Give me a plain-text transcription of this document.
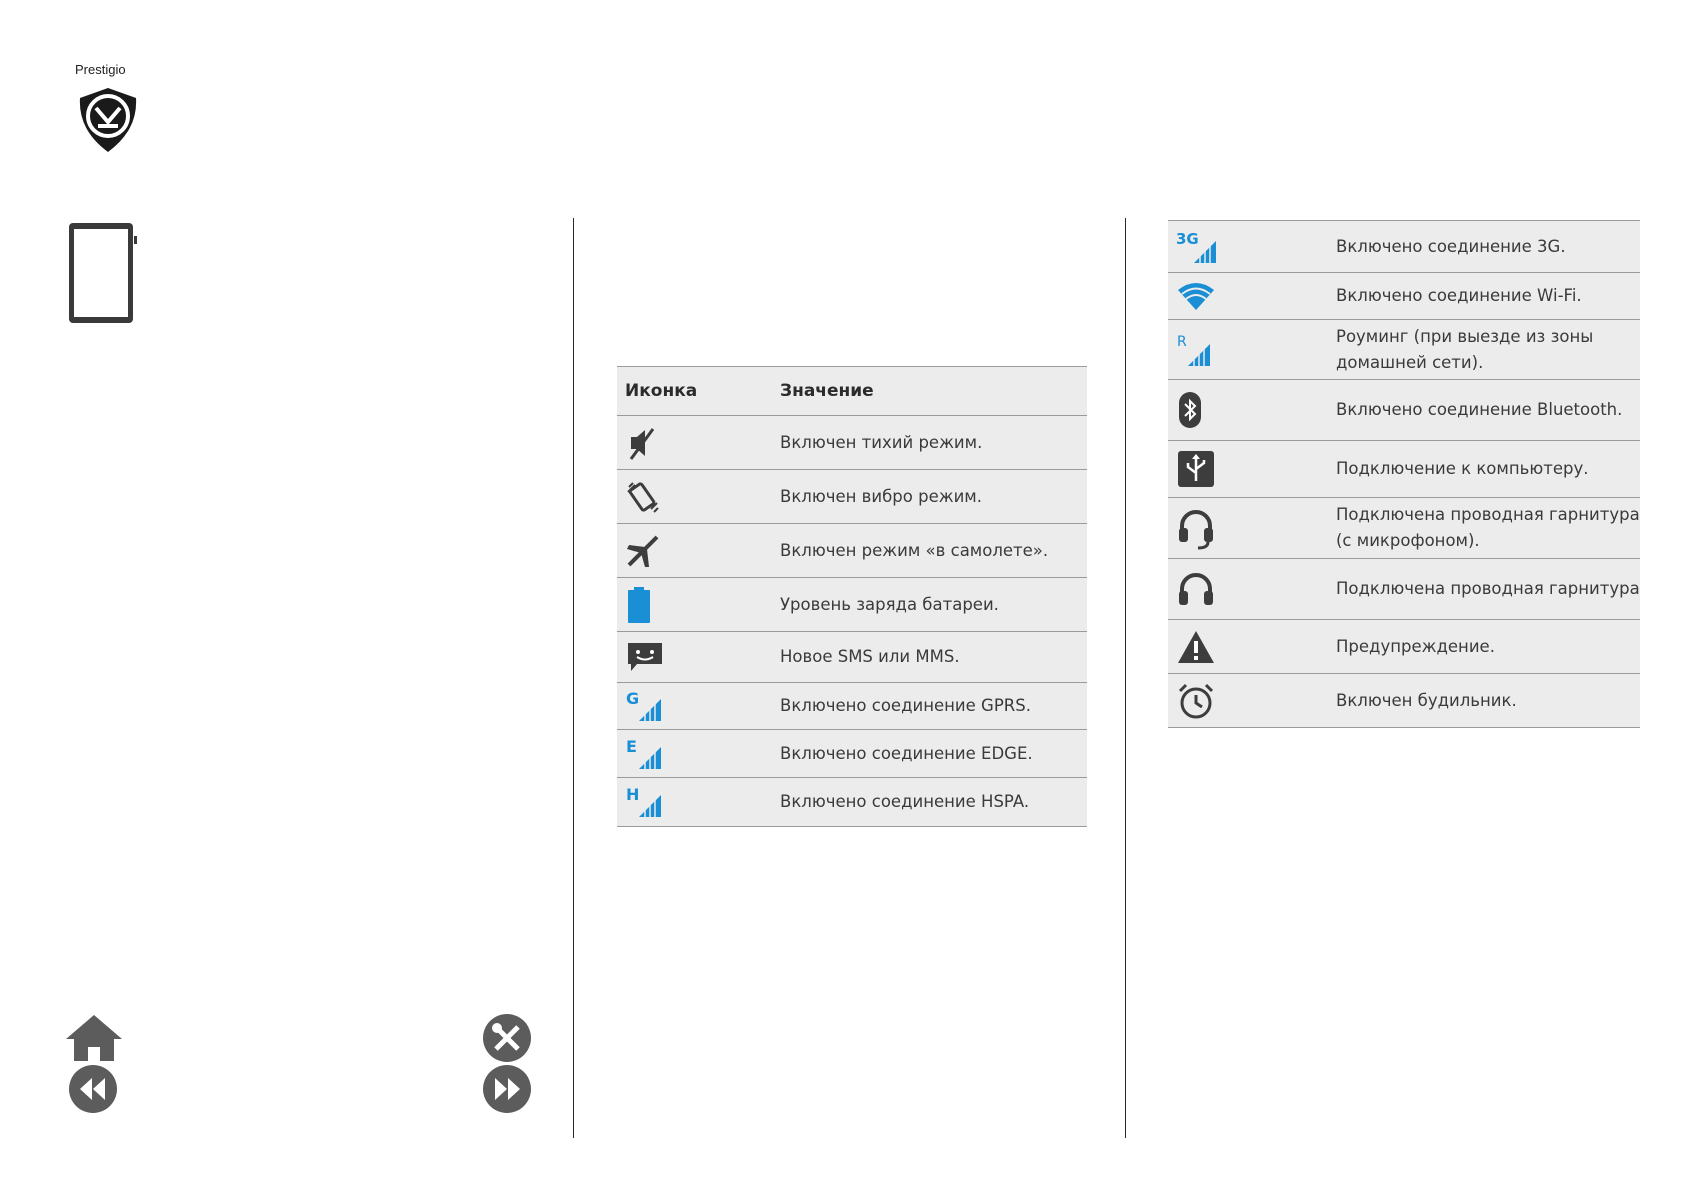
Prestigio
Иконка	Значение

	Включен тихий режим.

	Включен вибро режим.

	Включен режим «в самолете».

	Уровень заряда батареи.

	Новое SMS или MMS.

G	Включено соединение GPRS.

E	Включено соединение EDGE.

H	Включено соединение HSPA.
3G	Включено соединение 3G.

	Включено соединение Wi-Fi.

R	Роуминг (при выезде из зоны домашней сети).

	Включено соединение Bluetooth.

	Подключение к компьютеру.

	Подключена проводная гарнитура (с микрофоном).

	Подключена проводная гарнитура

	Предупреждение.

	Включен будильник.
